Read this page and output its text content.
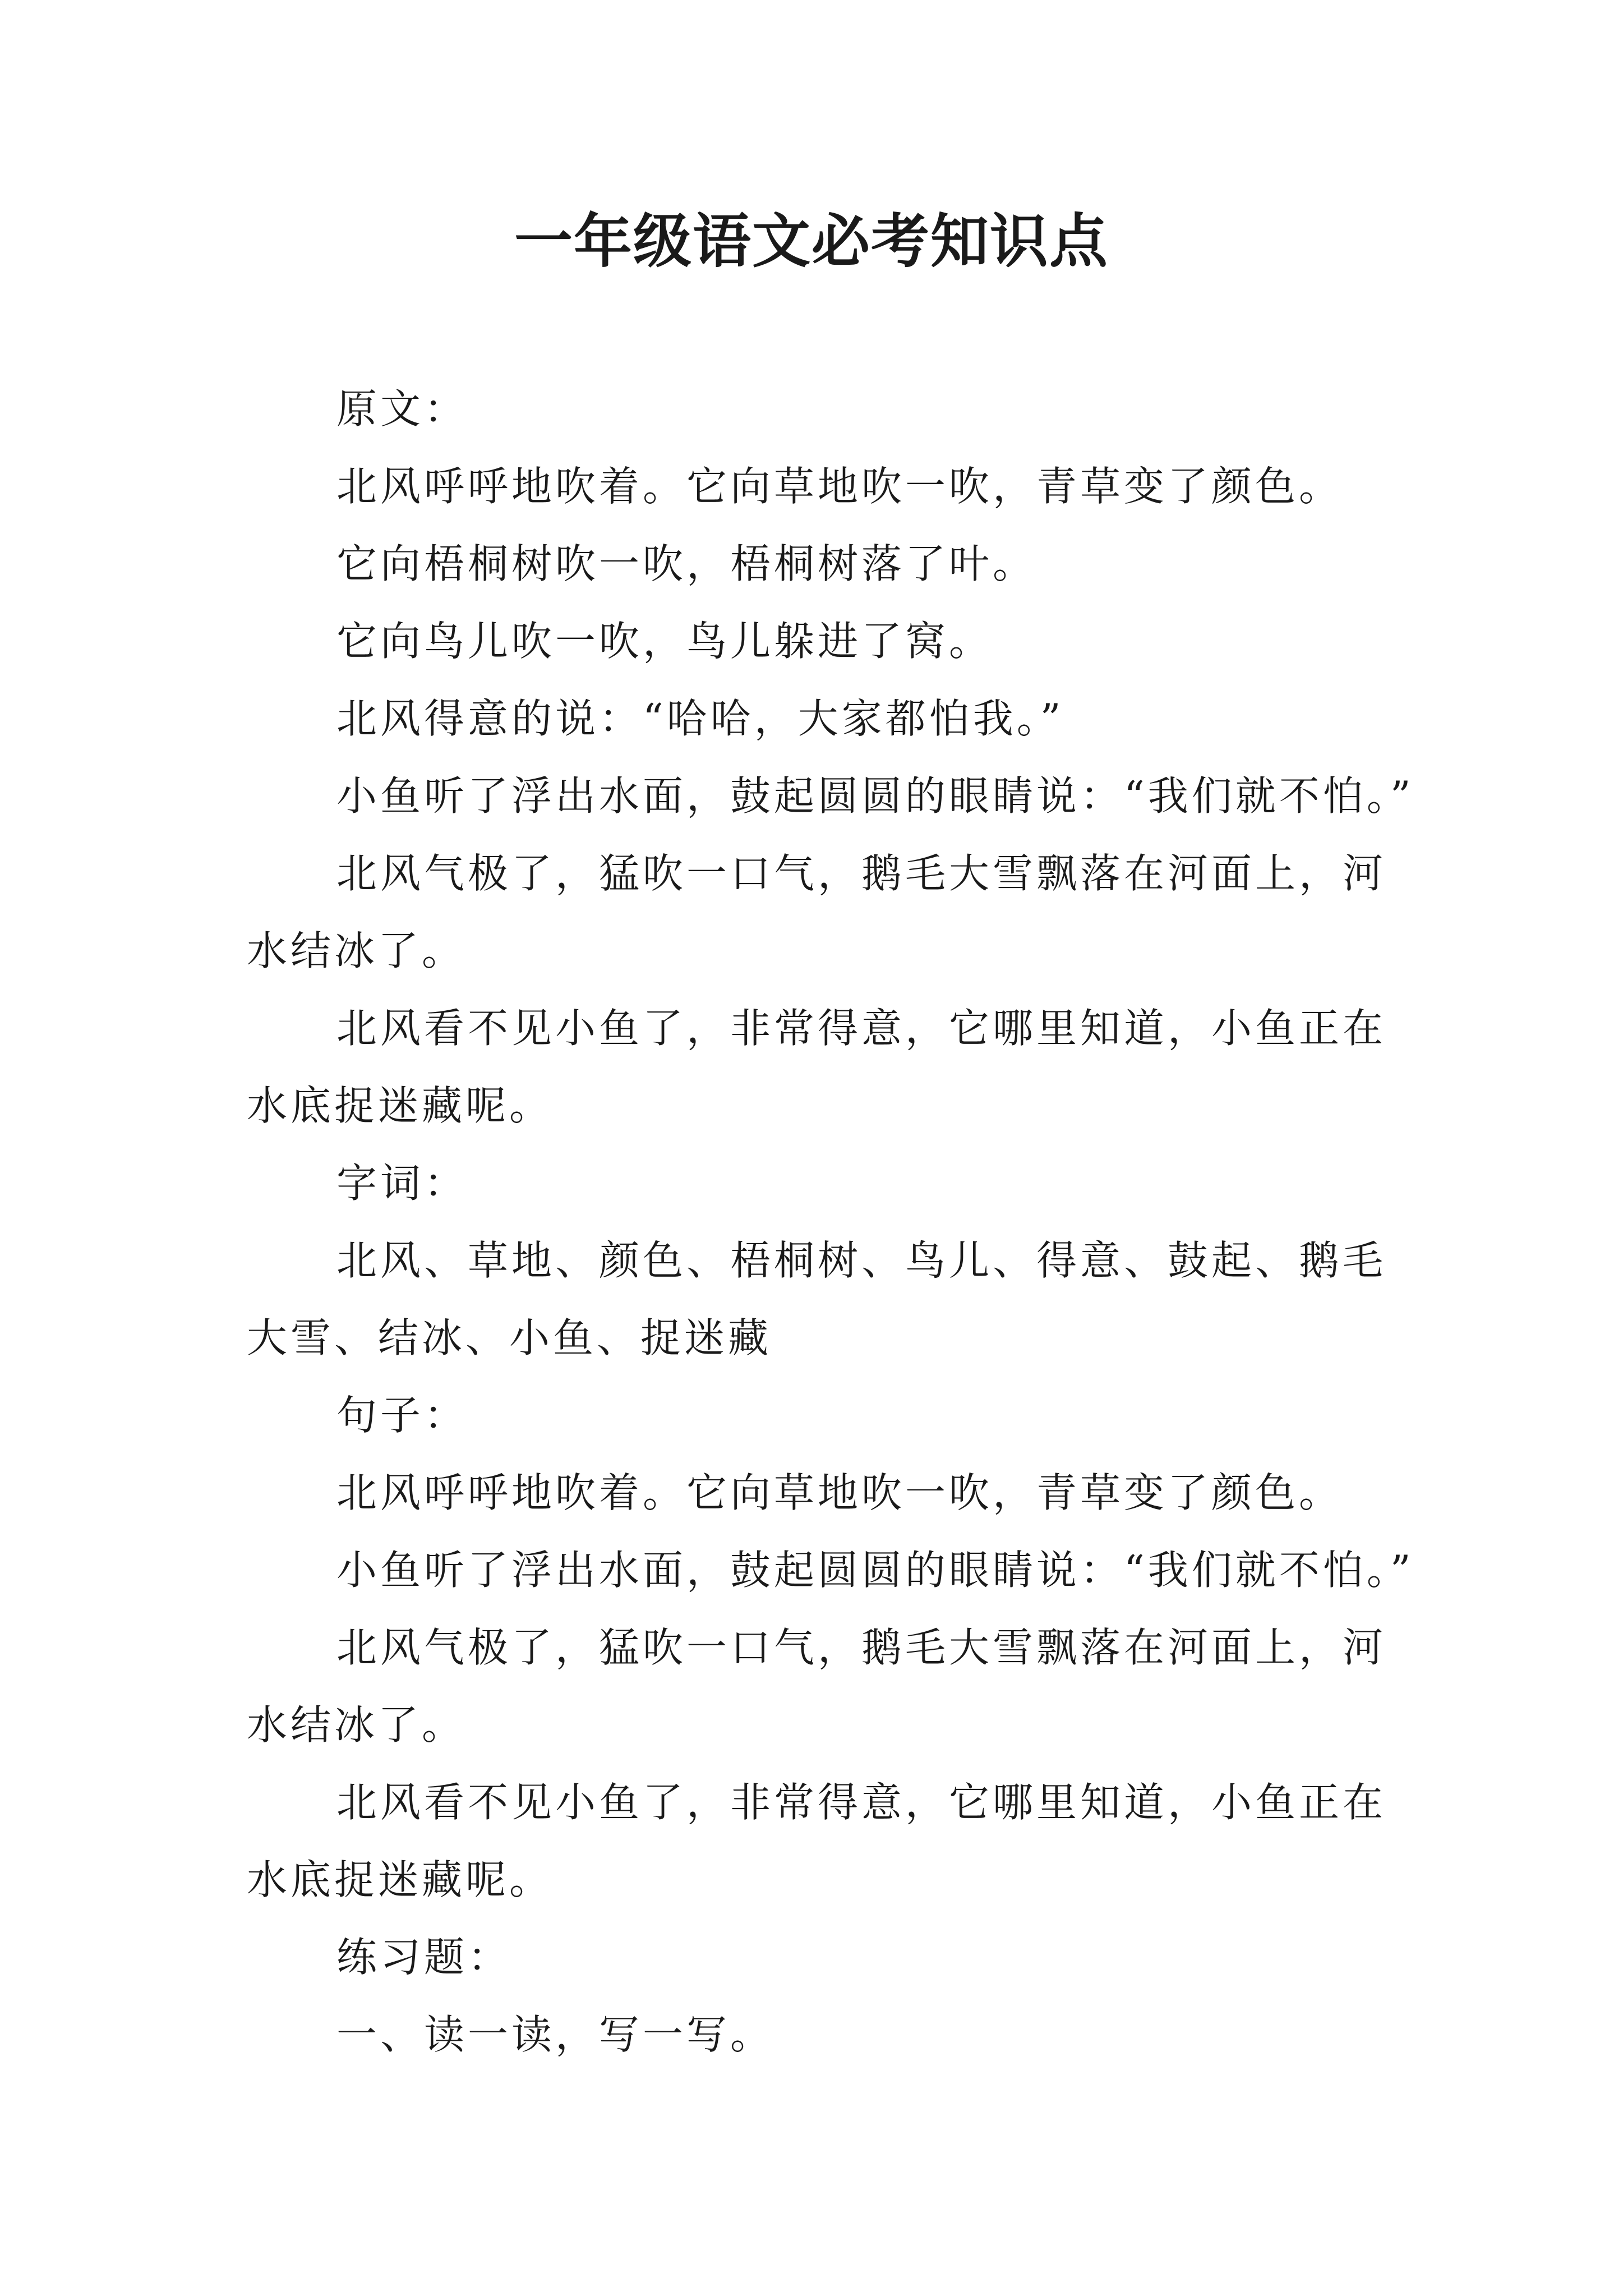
一年级语文必考知识点
原文：
北风呼呼地吹着。它向草地吹一吹，青草变了颜色。
它向梧桐树吹一吹，梧桐树落了叶。
它向鸟儿吹一吹，鸟儿躲进了窝。
北风得意的说：“哈哈，大家都怕我。”
小鱼听了浮出水面，鼓起圆圆的眼睛说：“我们就不怕。”
北风气极了，猛吹一口气，鹅毛大雪飘落在河面上，河
水结冰了。
北风看不见小鱼了，非常得意，它哪里知道，小鱼正在
水底捉迷藏呢。
字词：
北风、草地、颜色、梧桐树、鸟儿、得意、鼓起、鹅毛
大雪、结冰、小鱼、捉迷藏
句子：
北风呼呼地吹着。它向草地吹一吹，青草变了颜色。
小鱼听了浮出水面，鼓起圆圆的眼睛说：“我们就不怕。”
北风气极了，猛吹一口气，鹅毛大雪飘落在河面上，河
水结冰了。
北风看不见小鱼了，非常得意，它哪里知道，小鱼正在
水底捉迷藏呢。
练习题：
一、读一读，写一写。
